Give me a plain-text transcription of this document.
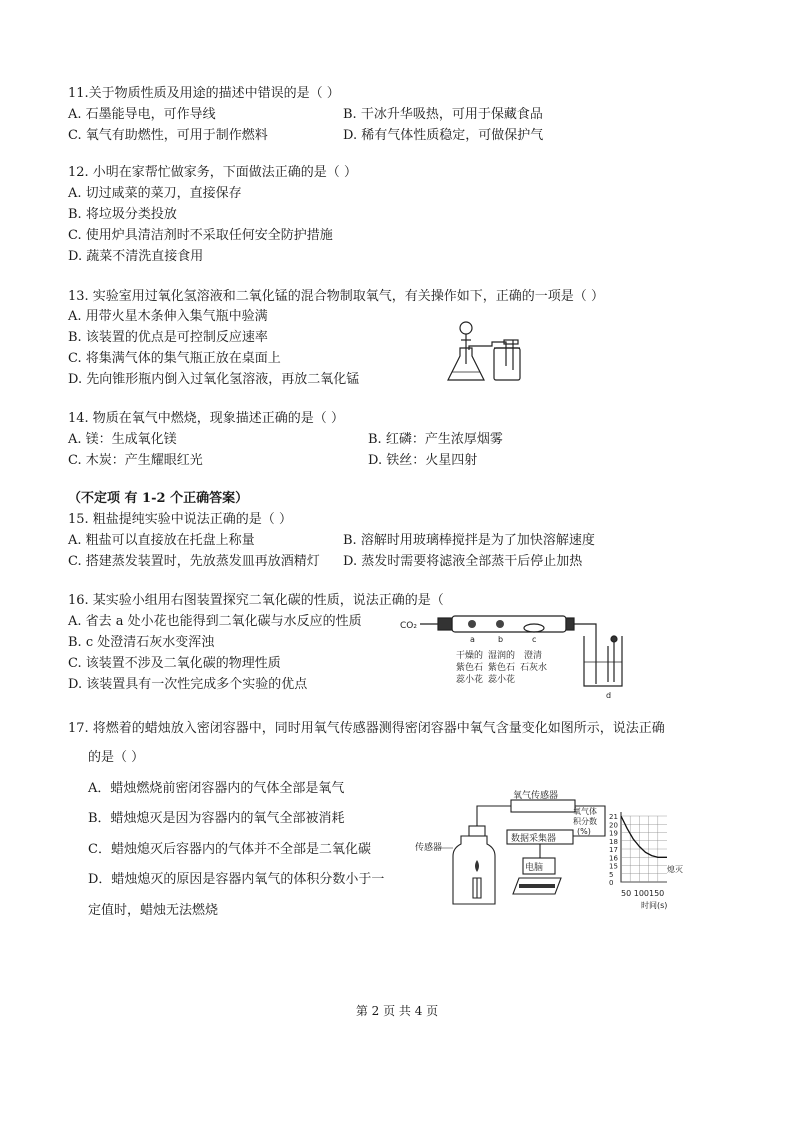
11.关于物质性质及用途的描述中错误的是（ ）
A. 石墨能导电，可作导线	B. 干冰升华吸热，可用于保藏食品
C. 氧气有助燃性，可用于制作燃料	D. 稀有气体性质稳定，可做保护气
12. 小明在家帮忙做家务，下面做法正确的是（ ）
A. 切过咸菜的菜刀，直接保存
B. 将垃圾分类投放
C. 使用炉具清洁剂时不采取任何安全防护措施
D. 蔬菜不清洗直接食用
13. 实验室用过氧化氢溶液和二氧化锰的混合物制取氧气，有关操作如下，正确的一项是（ ）
A. 用带火星木条伸入集气瓶中验满
B. 该装置的优点是可控制反应速率
C. 将集满气体的集气瓶正放在桌面上
D. 先向锥形瓶内倒入过氧化氢溶液，再放二氧化锰
14. 物质在氧气中燃烧，现象描述正确的是（ ）
A. 镁：生成氧化镁	B. 红磷：产生浓厚烟雾
C. 木炭：产生耀眼红光	D. 铁丝：火星四射
（不定项 有 1-2 个正确答案）
15. 粗盐提纯实验中说法正确的是（ ）
A. 粗盐可以直接放在托盘上称量	B. 溶解时用玻璃棒搅拌是为了加快溶解速度
C. 搭建蒸发装置时，先放蒸发皿再放酒精灯 D. 蒸发时需要将滤液全部蒸干后停止加热
16. 某实验小组用右图装置探究二氧化碳的性质，说法正确的是（
A. 省去 a 处小花也能得到二氧化碳与水反应的性质
B. c 处澄清石灰水变浑浊
C. 该装置不涉及二氧化碳的物理性质
D. 该装置具有一次性完成多个实验的优点
CO₂
a	b	c
d
干燥的
紫色石
蕊小花
湿润的
紫色石
蕊小花
澄清
石灰水
17. 将燃着的蜡烛放入密闭容器中，同时用氧气传感器测得密闭容器中氧气含量变化如图所示，说法正确
的是（ ）
A．蜡烛燃烧前密闭容器内的气体全部是氧气
B．蜡烛熄灭是因为容器内的氧气全部被消耗
C．蜡烛熄灭后容器内的气体并不全部是二氧化碳
D．蜡烛熄灭的原因是容器内氧气的体积分数小于一
定值时，蜡烛无法燃烧
氧气传感器
数据采集器
电脑
传感器
氧气体
积分数
(%)
21
20
19
18
17
16
15
5
0
50 100150
时间(s)
熄灭
第 2 页 共 4 页
